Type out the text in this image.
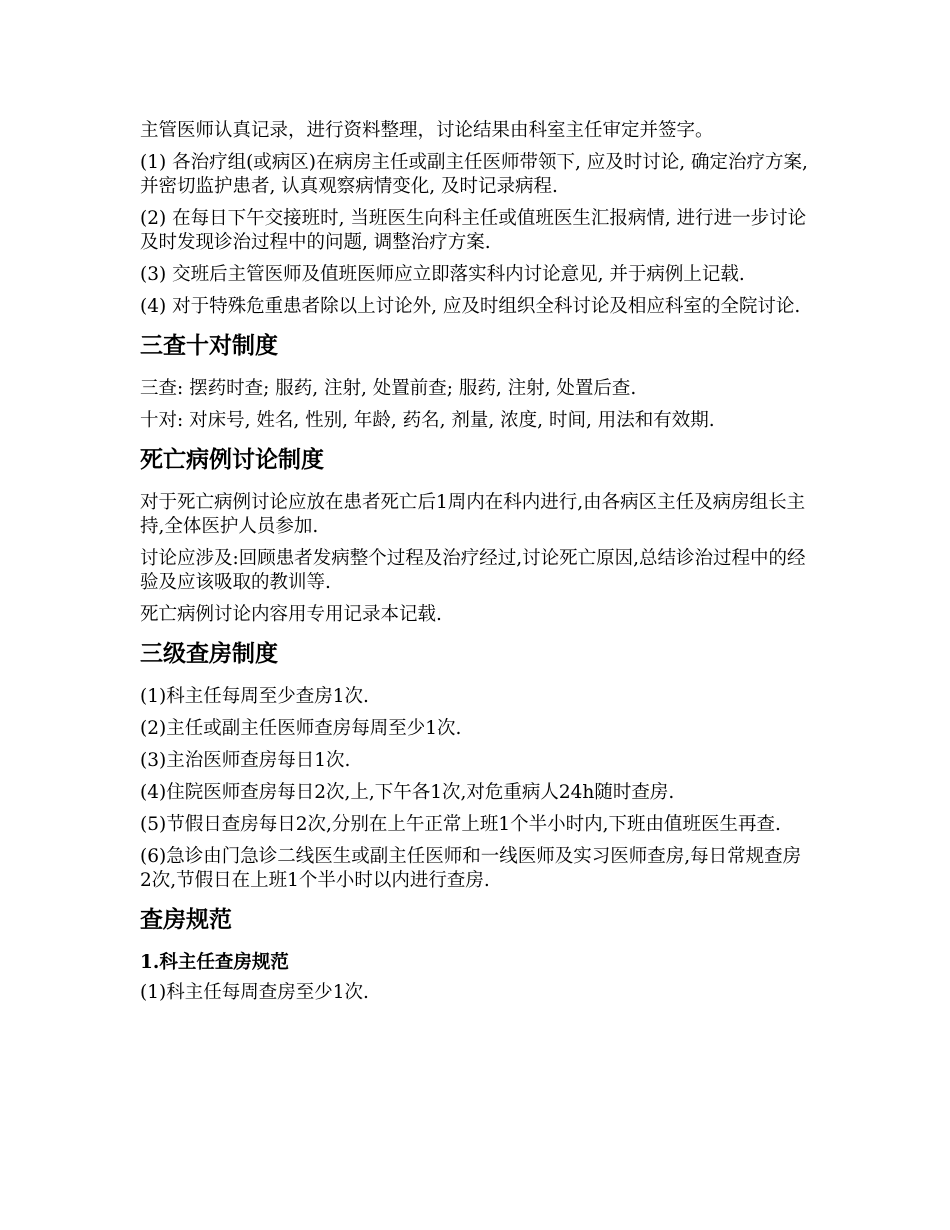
主管医师认真记录，进行资料整理，讨论结果由科室主任审定并签字。

(1) 各治疗组(或病区)在病房主任或副主任医师带领下, 应及时讨论, 确定治疗方案, 并密切监护患者, 认真观察病情变化, 及时记录病程.

(2) 在每日下午交接班时, 当班医生向科主任或值班医生汇报病情, 进行进一步讨论及时发现诊治过程中的问题, 调整治疗方案.

(3) 交班后主管医师及值班医师应立即落实科内讨论意见, 并于病例上记载.

(4) 对于特殊危重患者除以上讨论外, 应及时组织全科讨论及相应科室的全院讨论.

三查十对制度

三查: 摆药时查; 服药, 注射, 处置前查; 服药, 注射, 处置后查.

十对: 对床号, 姓名, 性别, 年龄, 药名, 剂量, 浓度, 时间, 用法和有效期.

死亡病例讨论制度

对于死亡病例讨论应放在患者死亡后1周内在科内进行,由各病区主任及病房组长主持,全体医护人员参加.

讨论应涉及:回顾患者发病整个过程及治疗经过,讨论死亡原因,总结诊治过程中的经验及应该吸取的教训等.

死亡病例讨论内容用专用记录本记载.

三级查房制度

(1)科主任每周至少查房1次.

(2)主任或副主任医师查房每周至少1次.

(3)主治医师查房每日1次.

(4)住院医师查房每日2次,上,下午各1次,对危重病人24h随时查房.

(5)节假日查房每日2次,分别在上午正常上班1个半小时内,下班由值班医生再查.

(6)急诊由门急诊二线医生或副主任医师和一线医师及实习医师查房,每日常规查房2次,节假日在上班1个半小时以内进行查房.

查房规范
1.科主任查房规范

(1)科主任每周查房至少1次.
